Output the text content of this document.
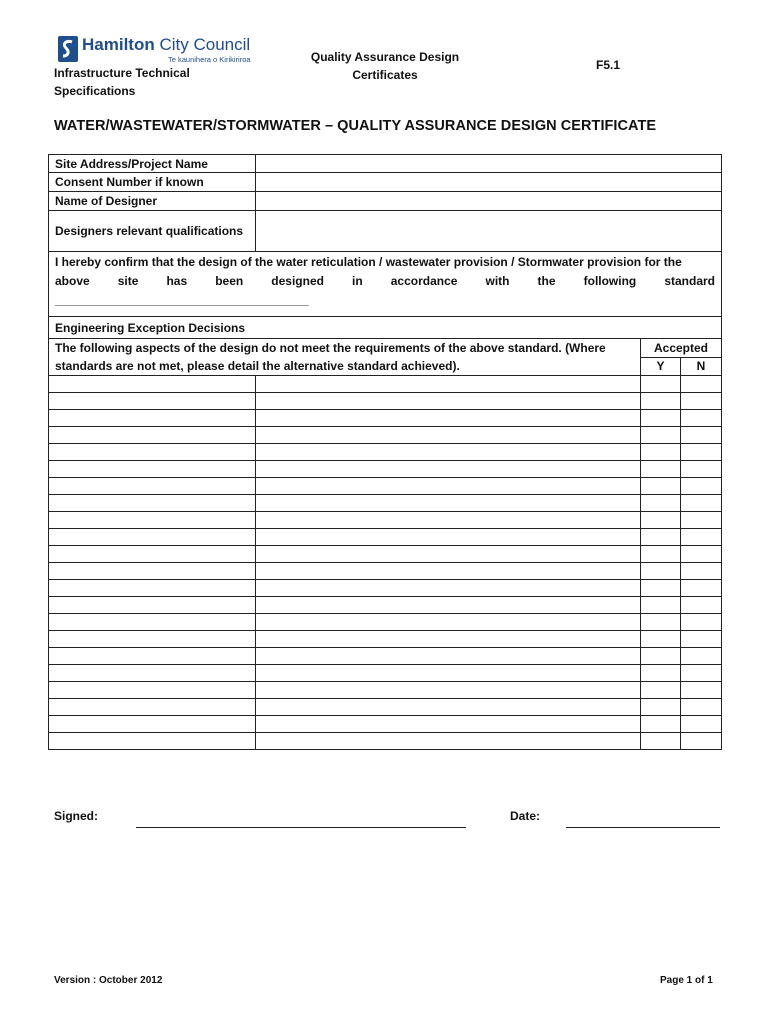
Hamilton City Council
Te kaunihera o Kirikiriroa
Infrastructure Technical
Specifications
Quality Assurance Design
Certificates
F5.1
WATER/WASTEWATER/STORMWATER – QUALITY ASSURANCE DESIGN CERTIFICATE
Site Address/Project Name			
Consent Number if known			
Name of Designer			
Designers relevant qualifications			

I hereby confirm that the design of the water reticulation / wastewater provision / Stormwater provision for the
above site has been designed in accordance with the following standard ______________________________________			

Engineering Exception Decisions			

The following aspects of the design do not meet the requirements of the above standard. (Where
standards are not met, please detail the alternative standard achieved).		Accepted	
		Y	N

Signed:	Date:
Version : October 2012	Page 1 of 1
